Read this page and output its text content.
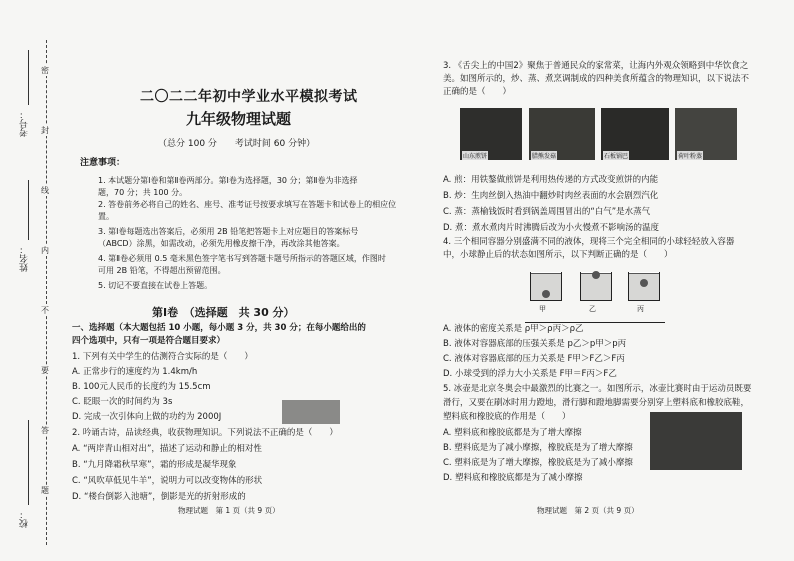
考号：
姓名：
校：
密
封
线
内
不
要
答
题
二〇二二年初中学业水平模拟考试
九年级物理试题
（总分 100 分　　考试时间 60 分钟）
注意事项：
1. 本试题分第Ⅰ卷和第Ⅱ卷两部分。第Ⅰ卷为选择题，30 分；第Ⅱ卷为非选择
题，70 分；共 100 分。
2. 答卷前务必将自己的姓名、座号、准考证号按要求填写在答题卡和试卷上的相应位
置。
3. 第Ⅰ卷每题选出答案后，必须用 2B 铅笔把答题卡上对应题目的答案标号
（ABCD）涂黑，如需改动，必须先用橡皮擦干净，再改涂其他答案。
4. 第Ⅱ卷必须用 0.5 毫米黑色签字笔书写到答题卡题号所指示的答题区域，作图时
可用 2B 铅笔，不得超出预留范围。
5. 切记不要直接在试卷上答题。
第Ⅰ卷　（选择题　共 30 分）
一、选择题（本大题包括 10 小题，每小题 3 分，共 30 分；在每小题给出的
四个选项中，只有一项是符合题目要求）
1. 下列有关中学生的估测符合实际的是（　　）
A. 正常步行的速度约为 1.4km/h
B. 100元人民币的长度约为 15.5cm
C. 眨眼一次的时间约为 3s
D. 完成一次引体向上做的功约为 2000J
2. 吟诵古诗，品读经典，收获物理知识。下列说法不正确的是（　　）
A. “两岸青山相对出”，描述了运动和静止的相对性
B. “九月降霜秋早寒”，霜的形成是凝华现象
C. “风吹草低见牛羊”，说明力可以改变物体的形状
D. “楼台倒影入池塘”，倒影是光的折射形成的
物理试题　第 1 页（共 9 页）
3. 《舌尖上的中国2》聚焦于普通民众的家常菜，让海内外观众领略到中华饮食之
美。如图所示的，炒、蒸、煮烹调制成的四种美食所蕴含的物理知识，以下说法不
正确的是（　　）
山东煎饼	腊熊发菇	石板锅巴	荷叶粉蒸
A. 煎：用铁鏊做煎饼是利用热传递的方式改变煎饼的内能
B. 炒：生肉丝倒入热油中翻炒时肉丝表面的水会剧烈汽化
C. 蒸：蒸榆钱饭时看到锅盖周围冒出的“白气”是水蒸气
D. 煮：煮水煮肉片时沸腾后改为小火慢煮不影响汤的温度
4. 三个相同容器分别盛满不同的液体，现将三个完全相同的小球轻轻放入容器
中，小球静止后的状态如图所示，以下判断正确的是（　　）
甲	乙	丙
A. 液体的密度关系是 ρ甲＞ρ丙＞ρ乙
B. 液体对容器底部的压强关系是 p乙＞p甲＞p丙
C. 液体对容器底部的压力关系是 F甲＞F乙＞F丙
D. 小球受到的浮力大小关系是 F甲＝F丙＞F乙
5. 冰壶是北京冬奥会中最激烈的比赛之一。如图所示，冰壶比赛时由于运动员既要
滑行，又要在刷冰时用力蹬地，滑行脚和蹬地脚需要分别穿上塑料底和橡胶底鞋，
塑料底和橡胶底的作用是（　　）
A. 塑料底和橡胶底都是为了增大摩擦
B. 塑料底是为了减小摩擦，橡胶底是为了增大摩擦
C. 塑料底是为了增大摩擦，橡胶底是为了减小摩擦
D. 塑料底和橡胶底都是为了减小摩擦
物理试题　第 2 页（共 9 页）
